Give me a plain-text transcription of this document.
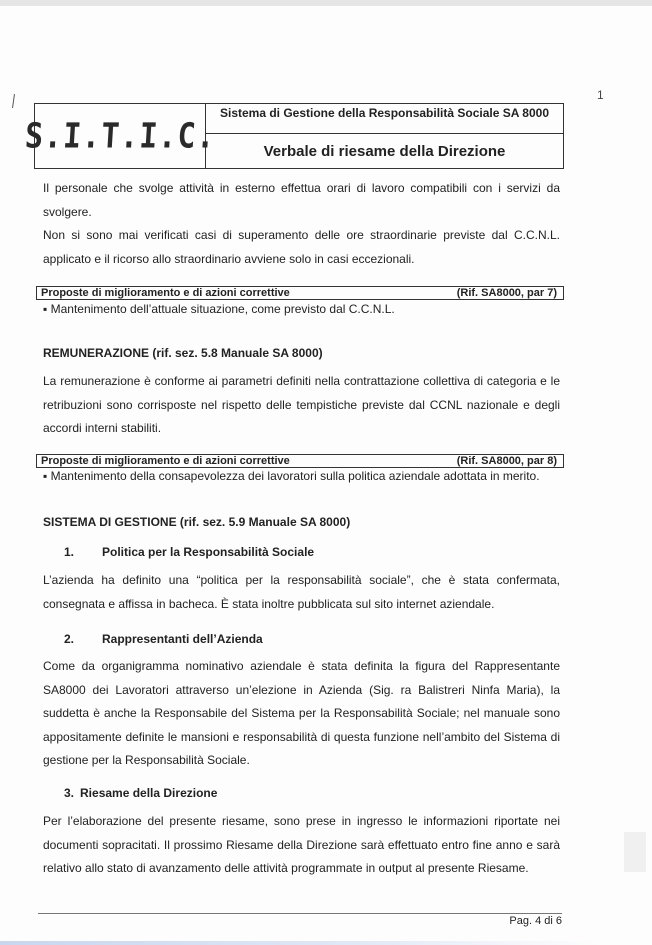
1
S.I.T.I.C.
Sistema di Gestione della Responsabilità Sociale SA 8000
Verbale di riesame della Direzione
Il personale che svolge attività in esterno effettua orari di lavoro compatibili con i servizi da svolgere.
Non si sono mai verificati casi di superamento delle ore straordinarie previste dal C.C.N.L. applicato e il ricorso allo straordinario avviene solo in casi eccezionali.
Proposte di miglioramento e di azioni correttive	(Rif. SA8000, par 7)
▪ Mantenimento dell’attuale situazione, come previsto dal C.C.N.L.
REMUNERAZIONE (rif. sez. 5.8 Manuale SA 8000)
La remunerazione è conforme ai parametri definiti nella contrattazione collettiva di categoria e le retribuzioni sono corrisposte nel rispetto delle tempistiche previste dal CCNL nazionale e degli accordi interni stabiliti.
Proposte di miglioramento e di azioni correttive	(Rif. SA8000, par 8)
▪ Mantenimento della consapevolezza dei lavoratori sulla politica aziendale adottata in merito.
SISTEMA DI GESTIONE (rif. sez. 5.9 Manuale SA 8000)
1. Politica per la Responsabilità Sociale
L’azienda ha definito una “politica per la responsabilità sociale”, che è stata confermata, consegnata e affissa in bacheca. È stata inoltre pubblicata sul sito internet aziendale.
2. Rappresentanti dell’Azienda
Come da organigramma nominativo aziendale è stata definita la figura del Rappresentante SA8000 dei Lavoratori attraverso un’elezione in Azienda (Sig. ra Balistreri Ninfa Maria), la suddetta è anche la Responsabile del Sistema per la Responsabilità Sociale; nel manuale sono appositamente definite le mansioni e responsabilità di questa funzione nell’ambito del Sistema di gestione per la Responsabilità Sociale.
3. Riesame della Direzione
Per l’elaborazione del presente riesame, sono prese in ingresso le informazioni riportate nei documenti sopracitati. Il prossimo Riesame della Direzione sarà effettuato entro fine anno e sarà relativo allo stato di avanzamento delle attività programmate in output al presente Riesame.
Pag. 4 di 6
